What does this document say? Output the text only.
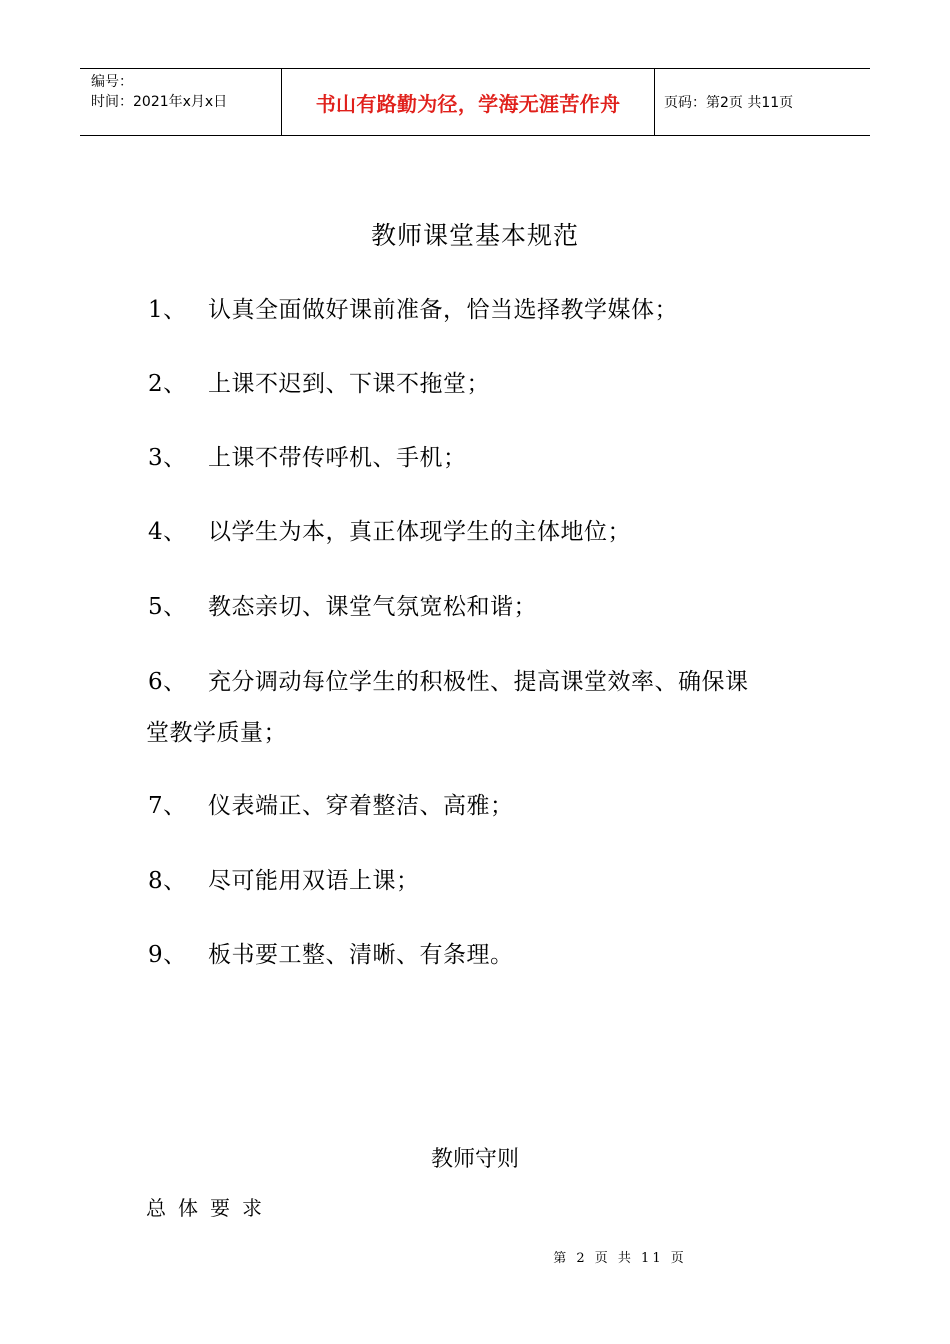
编号：
时间：2021年x月x日	书山有路勤为径，学海无涯苦作舟	页码：第2页 共11页
教师课堂基本规范
1、 认真全面做好课前准备，恰当选择教学媒体；
2、 上课不迟到、下课不拖堂；
3、 上课不带传呼机、手机；
4、 以学生为本，真正体现学生的主体地位；
5、 教态亲切、课堂气氛宽松和谐；
6、 充分调动每位学生的积极性、提高课堂效率、确保课
堂教学质量；
7、 仪表端正、穿着整洁、高雅；
8、 尽可能用双语上课；
9、 板书要工整、清晰、有条理。
教师守则
总体要求
第 2 页 共 11 页
